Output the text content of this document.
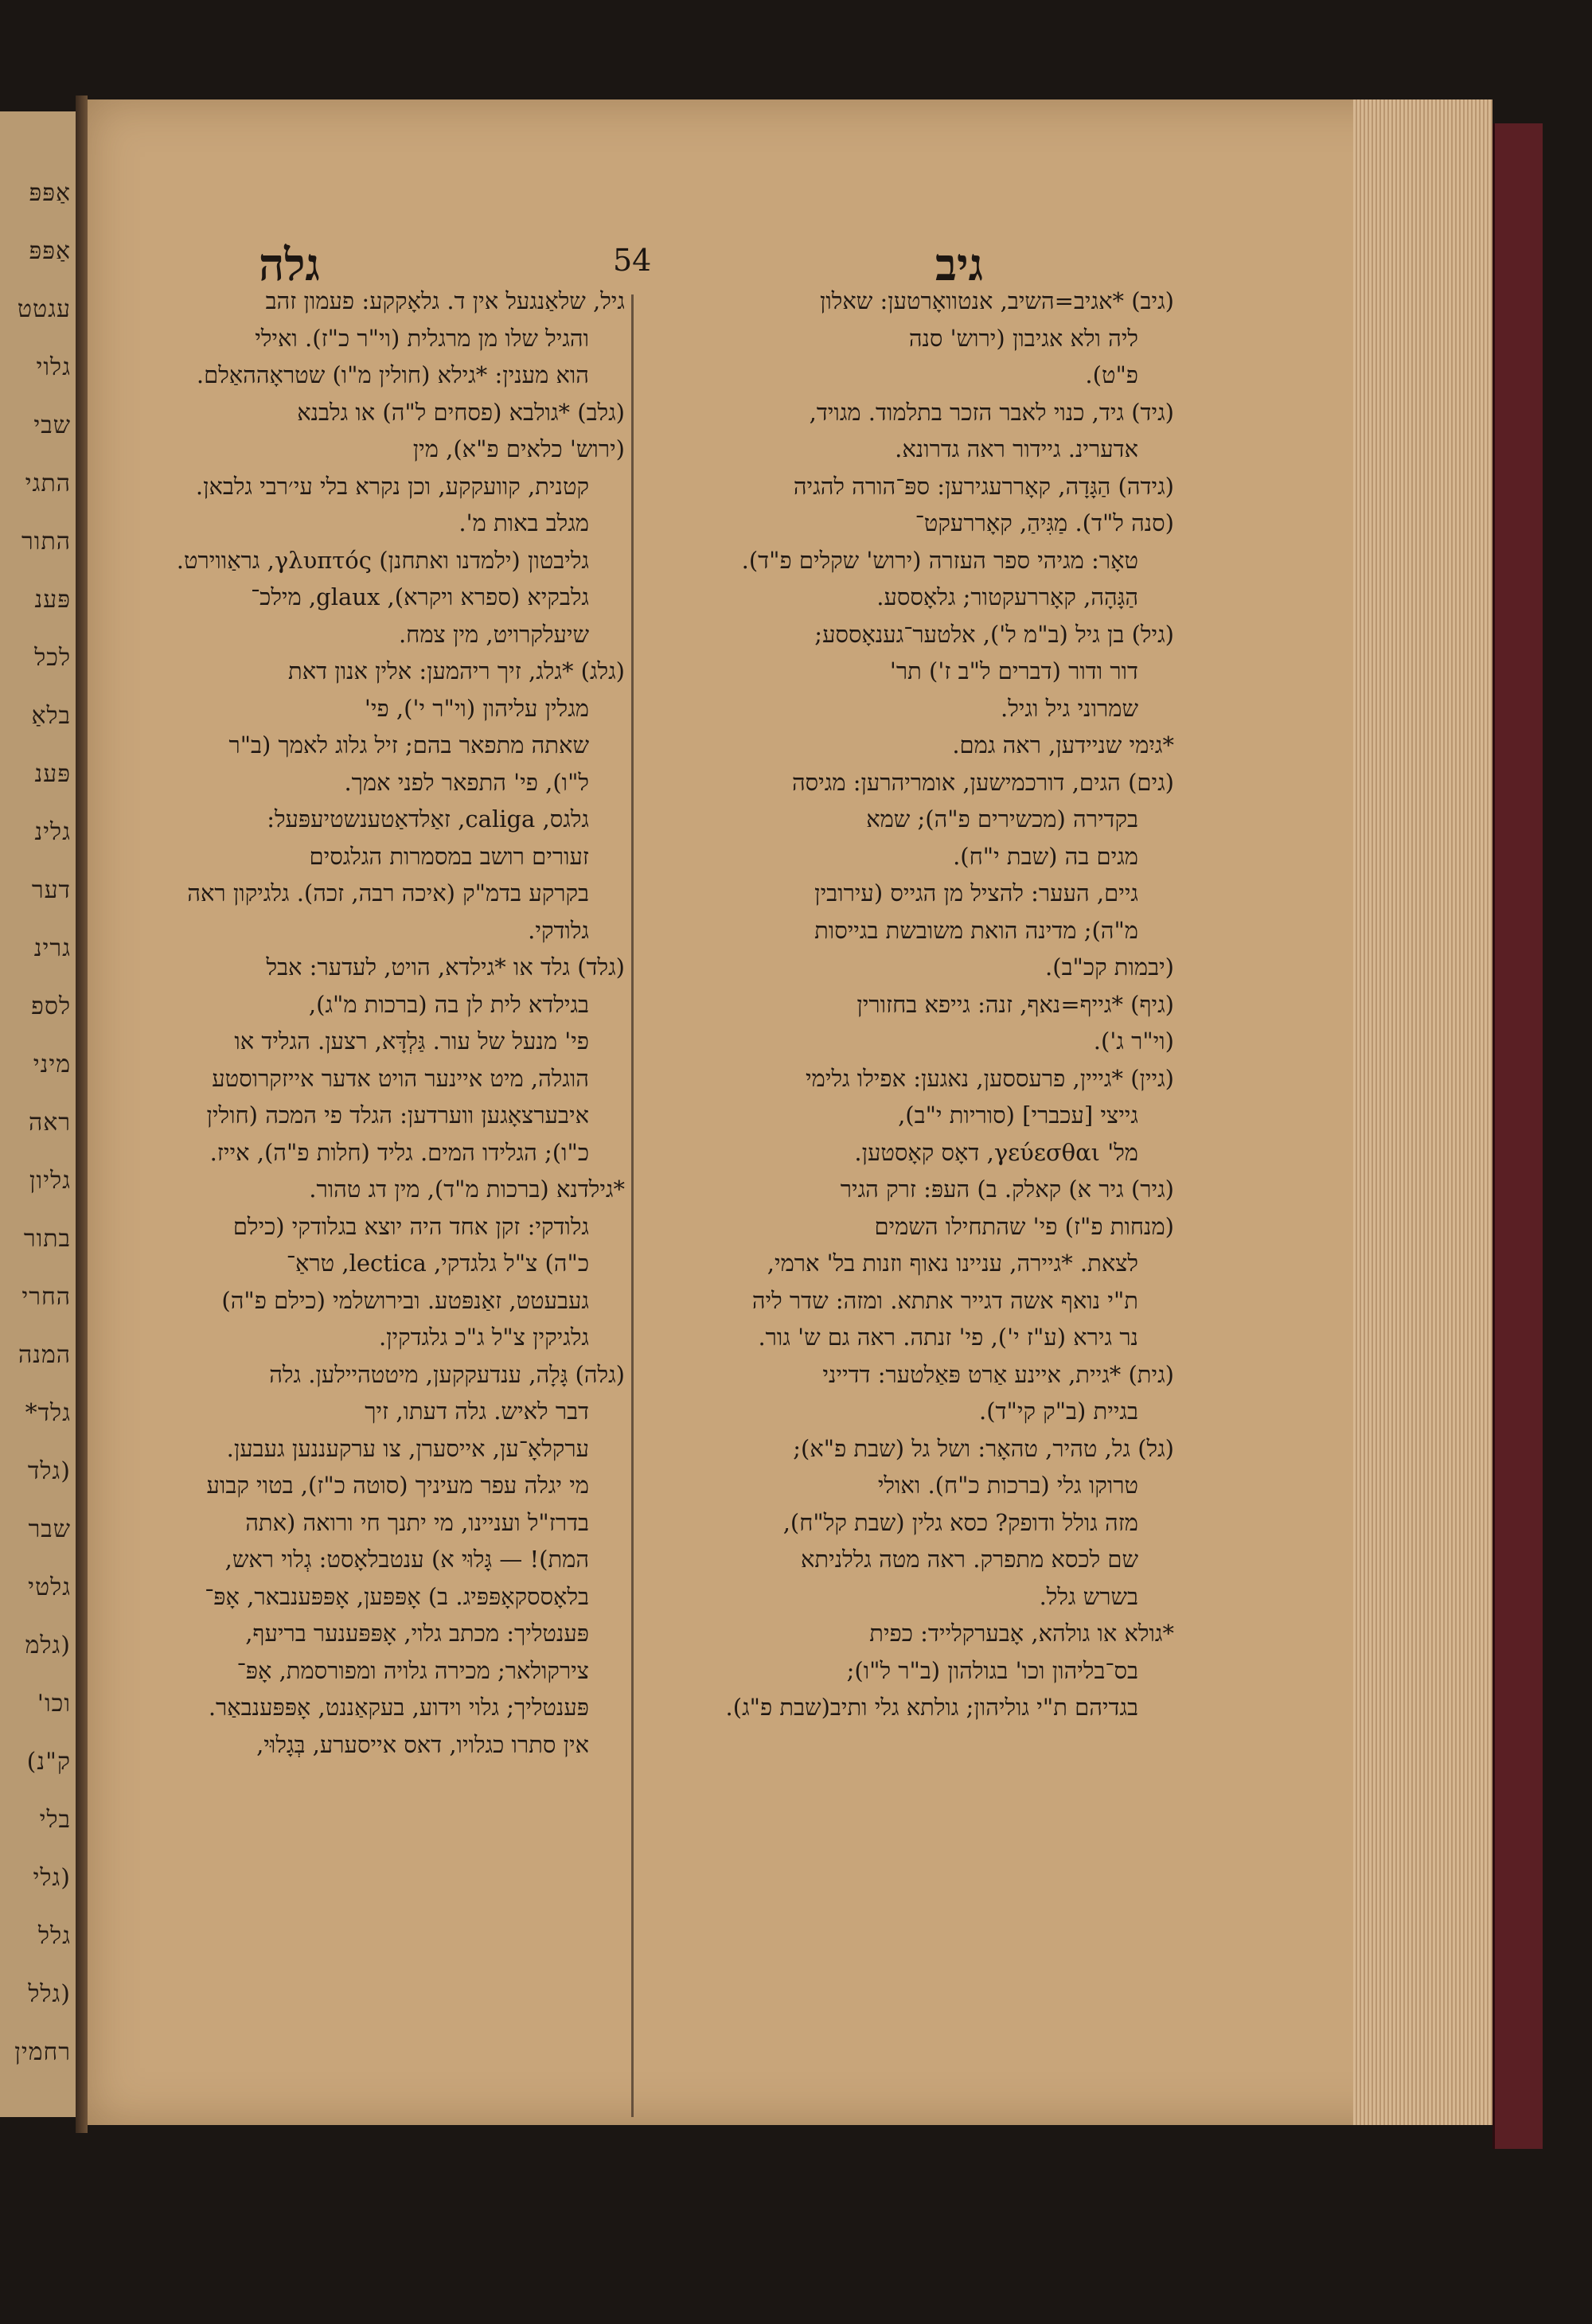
אַפּפּ
אַפּפּ
עגטט
גלוי
שבי
התגי
התור
פּענ
לכל
בלאַ
פּענ
גלינ
דער
גרינ
לספ
מיני
ראה
גליון
בתור
החרי
המנה
גלד*
(גלד
שבר
גלטי
(גלמ
וכו'
ק"נ)
בלי
(גלי
גלל
(גלל
רחמין
גלה	54	גיב
גיל, שלאַנגעל אין ד. גלאָקקע: פעמון זהב
והגיל שלו מן מרגלית (וי"ר כ"ז). ואילי
הוא מענין: *גילא (חולין מ"ו) שטראָההאַלם.
(גלב) *גולבא (פסחים ל"ה) או גלבנא
(ירוש' כלאים פ"א), מין
קטנית, קוועקקע, וכן נקרא בלי עי׳רבי גלבאן.
מגלב באות מ'.
גליבטון (ילמדנו ואתחנן) γλυπτός, גראַווירט.
גלבקיא (ספרא ויקרא), glaux, מילכ־
שיעלקרויט, מין צמח.
(גלג) *גלג, זיך ריהמען: אלין אנון דאת
מגלין עליהון (וי"ר י'), פי'
שאתה מתפאר בהם; זיל גלוג לאמך (ב"ר
ל"ו), פי' התפאר לפני אמך.
גלגס, caliga, זאַלדאַטענשטיעפּעל:
זעורים רושב במסמרות הגלגסים
בקרקע בדמ"ק (איכה רבה, זכה). גלגיקון ראה
גלודקי.
(גלד) גלד או *גילדא, הויט, לעדער: אבל
בגילדא לית לן בה (ברכות מ"ג),
פי' מנעל של עור. גַּלְדָּא, רצען. הגליד או
הוגלה, מיט איינער הויט אדער אייזקרוסטע
איבערצאָגען ווערדען: הגלד פי המכה (חולין
כ"ו); הגלידו המים. גליד (חלות פ"ה), אייז.
*גילדנא (ברכות מ"ד), מין דג טהור.
גלודקי: זקן אחד היה יוצא בגלודקי (כילם
כ"ה) צ"ל גלגדקי, lectica, טראַ־
געבעטט, זאַנפּטע. ובירושלמי (כילם פ"ה)
גלגיקין צ"ל ג"כ גלגדקין.
(גלה) גָּלָה, ענדעקקען, מיטטהיילען. גלה
דבר לאיש. גלה דעתו, זיך
ערקלאָ־ען, אייסערן, צו ערקעננען געבען.
מי יגלה עפר מעיניך (סוטה כ"ז), בטוי קבוע
בדרז"ל ועניינו, מי יתנך חי ורואה (אתה
המת)! — גָּלוּי א) ענטבלאָסט: גְלוי ראש,
בלאָססקאָפּפּיג. ב) אָפּפּען, אָפּפּענבאר, אָפּ־
פּענטליך: מכתב גלוי, אָפּפּענער בריעף,
צירקולאר; מכירה גלויה ומפורסמת, אָפּ־
פּענטליך; גלוי וידוע, בעקאַננט, אָפּפּענבאַר.
אין סתרו כגלויו, דאס אייסערע, בְּגָלוּי,
(גיב) *אגיב=השיב, אנטוואָרטען: שאלון
ליה ולא אגיבון (ירוש' סנה
פ"ט).
(גיד) גיד, כנוי לאבר הזכר בתלמוד. מגויד,
אדערינ. גיידור ראה גדרונא.
(גידה) הַגָּדָה, קאָררעגירען: ספּ־הורה להגיה
(סנה ל"ד). מַגִּיהַ, קאָררעקט־
טאָר: מגיהי ספר העזרה (ירוש' שקלים פ"ד).
הַגָּהָה, קאָררעקטור; גלאָססע.
(גיל) בן גיל (ב"מ ל'), אלטער־גענאָססע;
דור ודור (דברים ל"ב ז') תר'
שמרוני גיל וגיל.
*גיִמי שניידען, ראה גמם.
(גים) הגים, דורכמישען, אומריהרען: מגיסה
בקדירה (מכשירים פ"ה); שמא
מגים בה (שבת י"ח).
גיים, העער: להציל מן הגייס (עירובין
מ"ה); מדינה הואת משובשת בגייסות
(יבמות קכ"ב).
(גיף) *גייף=נאף, זנה: גייפא בחזורין
(וי"ר ג').
(גיין) *גייין, פרעססען, נאגען: אפילו גלימי
גייצי [עכברי] (סוריות י"ב),
מל' γεύεσθαι, דאָס קאָסטען.
(גיר) גיר א) קאלק. ב) העפּ: זרק הגיר
(מנחות פ"ז) פי' שהתחילו השמים
לצאת. *גיירה, עניינו נאוף וזנות בל' ארמי,
ת"י נואף אשה דגייר אתתא. ומזה: שדר ליה
נר גירא (ע"ז י'), פי' זנתה. ראה גם ש' גור.
(גית) *גיית, איינע אַרט פּאַלטער: דדייני
בגיית (ב"ק קי"ד).
(גל) גל, טהיר, טהאָר: ושל גל (שבת פ"א);
טרוקו גלי (ברכות כ"ח). ואולי
מזה גולל ודופק? כסא גלין (שבת קל"ח),
שם לכסא מתפרק. ראה מטה גללניתא
בשרש גלל.
*גולא או גולהא, אָבערקלייד: כפית
בס־בליהון וכו' בגולהון (ב"ר ל"ו);
בגדיהם ת"י גוליהון; גולתא גלי ותיב(שבת פ"ג).
